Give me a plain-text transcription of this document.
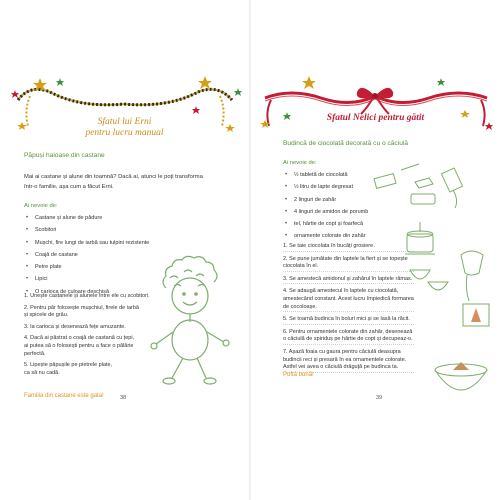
Sfatul lui Erni
pentru lucru manual
Păpuși haioase din castane
Mai ai castane și alune din toamnă? Dacă ai, atunci le poți transforma într-o familie, așa cum a făcut Erni.
Ai nevoie de:
• Castane și alune de pădure
• Scobitori
• Mușchi, fire lungi de iarbă sau tulpini rezistente
• Coajă de castane
• Petre plate
• Lipici
• O carioca de culoare deschisă
1. Unește castanele și alunele între ele cu scobitori.
2. Pentru păr folosește mușchiul, firele de iarbă
și spicele de grâu.
3. Ia carioca și desenează fețe amuzante.
4. Dacă ai păstrat o coajă de castană cu țepi,
ai putea să o folosești pentru a face o pălărie
perfectă.
5. Lipește păpușile pe pietrele plate,
ca să nu cadă.
Familia din castane este gata!	38
Sfatul Nelici pentru gătit
Budincă de ciocolată decorată cu o căciulă
Ai nevoie de:
• ½ tabletă de ciocolată
• ½ litru de lapte degresat
• 2 linguri de zahăr
• 4 linguri de amidon de porumb
• tel, hârtie de copt și foarfecă
• ornamente colorate din zahăr
1. Se taie ciocolata în bucăți grosiere.
2. Se pune jumătate din laptele la fiert și se topește
ciocolata în el.
3. Se amestecă amidonul și zahărul în laptele rămas.
4. Se adaugă amestecul în laptele cu ciocolată,
amestecând constant. Acest lucru împiedică formarea
de cocoloașe.
5. Se toarnă budinca în boluri mici și se lasă la răcit.
6. Pentru ornamentele colorate din zahăr, desenează
o căciulă de spiriduș pe hârtie de copt și decupeaz-o.
7. Așază foaia cu gaura pentru căciulă deasupra
budincii reci și presară în ea ornamentele colorate.
Astfel vei avea o căciulă drăguță pe budinca ta.
Poftă bună!
39
